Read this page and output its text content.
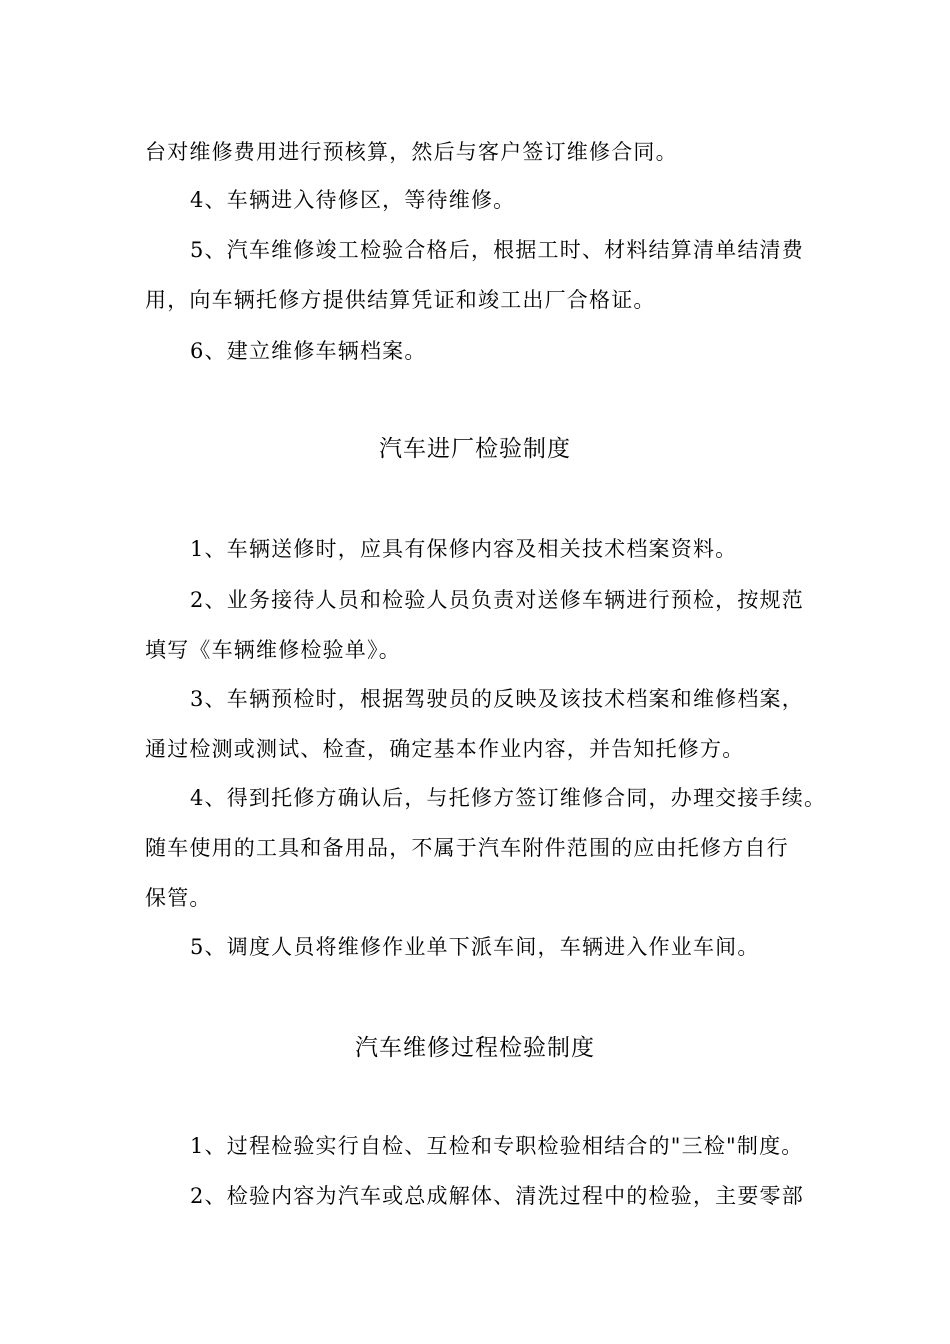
台对维修费用进行预核算，然后与客户签订维修合同。
4、车辆进入待修区，等待维修。
5、汽车维修竣工检验合格后，根据工时、材料结算清单结清费
用，向车辆托修方提供结算凭证和竣工出厂合格证。
6、建立维修车辆档案。
汽车进厂检验制度
1、车辆送修时，应具有保修内容及相关技术档案资料。
2、业务接待人员和检验人员负责对送修车辆进行预检，按规范
填写《车辆维修检验单》。
3、车辆预检时，根据驾驶员的反映及该技术档案和维修档案，
通过检测或测试、检查，确定基本作业内容，并告知托修方。
4、得到托修方确认后，与托修方签订维修合同，办理交接手续。
随车使用的工具和备用品，不属于汽车附件范围的应由托修方自行
保管。
5、调度人员将维修作业单下派车间，车辆进入作业车间。
汽车维修过程检验制度
1、过程检验实行自检、互检和专职检验相结合的"三检"制度。
2、检验内容为汽车或总成解体、清洗过程中的检验，主要零部
